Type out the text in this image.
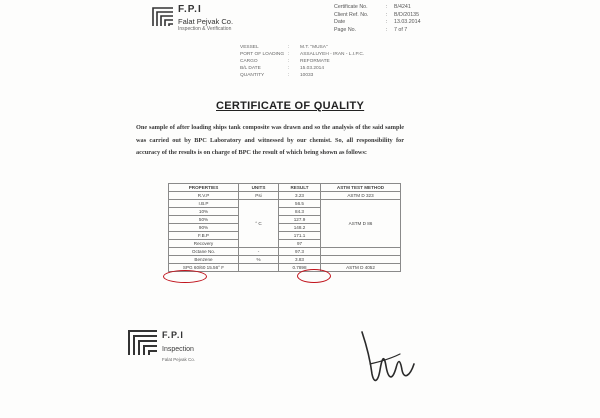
F.P.I
Falat Pejvak Co.
Inspection & Verification
Certificate No.	:	B/4241
Client Ref. No.	:	B/D/20135
Date	:	13.03.2014
Page No.	:	7 of 7
VESSEL	:	M.T. "MUSA"
PORT OF LOADING :	ASSALUYEH - IRAN - L.I.P.C.
CARGO	:	REFORMATE
B/L DATE	:	15.03.2014
QUANTITY	:	10033
CERTIFICATE OF QUALITY
One sample of after loading ships tank composite was drawn and so the analysis of the said sample was carried out by BPC Laboratory and witnessed by our chemist. So, all responsibility for accuracy of the results is on charge of BPC the result of which being shown as follows:
PROPERTIES	UNITS	RESULT	ASTM TEST METHOD
R.V.P	Psi	3.23	ASTM D 323
I.B.P	° C	56.5	ASTM D 86
10%		84.3	
50%		127.9	
90%		148.2	
F.B.P		171.1	
Recovery		97	
Octane No.	-	97.3	
Benzene	%	3.83	
SPG 60/60 15.56° F		0.7898	ASTM D 4052
F.P.I
Inspection
Falat Pejvak Co.
